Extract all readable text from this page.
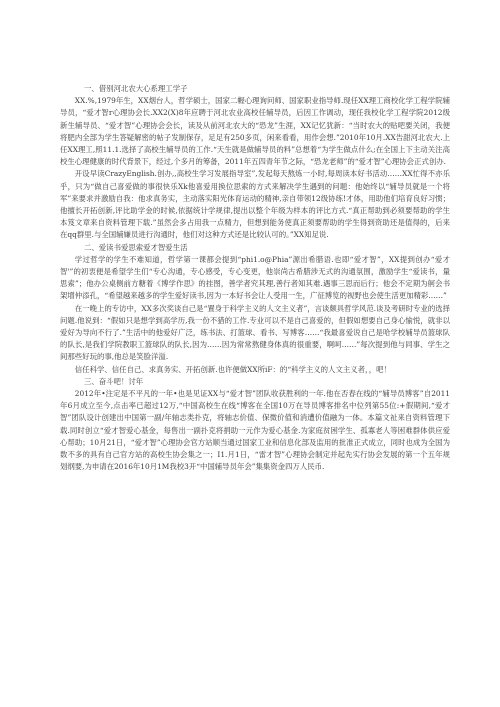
一、借别河北农大心系理工学子

XX.%,1979年生，XX烟台人，哲学硕士，国家二幄心理询问师、国家职业指导师.现任XX理工商校化学工程学院辅导员，“爱才智r心理协会长.XX2(X)8年应聘于河北农业高校任辅导员，后因工作调动，现任我校化学工程学院2012级新生辅导员、“爱才智”心理协会会长，读及从前河北农大的“恐龙”生涯，XX记忆犹新：“当时农大的贴吧要关闭，我便将肥内全部为学生答疑解密的帖子发制保存，足足有250多页，闲来看看，用作会想.”2010年10月.XX告甜河北农大.上任XX理工,照11.1.选择了高校生辅导员的工作.“天生就是做辅导员的料”总想着“为学生做点什么;在全国上下主动关注高校生心理健康的时代背景下，经过,个多月的筹备，2011年五四青年节之际，“恐龙老师”的“爱才智”心理协会正式创办.

开设早读CrazyEnglish.创办,,高校生学习发展指导室”,发起每天熬炼一小时,每周读本好书活动……XX忙得不亦乐乎，只为“做自己喜爱做的事很快乐Xk他喜爱用换位思索的方式来解决学生遇到的问题：他始终以“辅导员就是一个将军”来要求并激励自我：他求真务实，主动落实阳光体育运动的精神,亲自带领12级协练!才体，用助他们培育良好习惯；他擅长开拓创新,评比助学金的时候,依据统计学规律,提出以整个年级为样本的评比方式.“真正帮助到必须要帮助的学生本笈文章来自资料管理下载.”虽然会多占用我一点精力，但想到能务使真正须要帮助的学生得到资助还是值得的，后来在qq群里.与全国辅嫌员进行沟通时，他们对这种方式还是比较认可的。”XX知足说.

二、爱读书爱思索爱才智爱生活

学过哲学的学生不难知道，哲学第一课都会提到“phi1.o@Phia”源出希腊语.也即“爱才智”，XX提到创办“爱才智'”的初衷便是希望学生们“专心沟通，专心感受，专心变更，他崇尚古希腊涉无式的沟通氛围，激励学生“爱读书，量思索”；他办公桌侧前方糖着《博学作思》的挂图，善学者究其理,善行者知其难.遇事三思而后行；他会不定期为舸会书架增仲添孔，“希望越来越多的学生爱好读书,因为一本好书会让人受用一生，广征博览的视野也会使生活更加精彩……”

在一晚上的专访中，XX多次奖谈自己是“置身于科学主义的人文主义者”，言谈颇具哲学风范.谈及考研时专业的选择问题.他说到：“假如只是想学到高学历,我一份不猎的工作.专业可以不是自己喜爱的，但假如想要自己身心愉悦，就非以爱好为导向不行了.”生活中的他爱好广泛，练书法、打篮球、看书、写博客……“我最喜爱说自己是哈学校辅导员篮球队的队长,是我们学院教职工篮球队的队长,因为……因为常常熬健身体真的很重要，啊呵……”每次提到他与同事、学生之间那些好玩的事,他总是笑脸洋溢.

信任科学、信任自己、求真务实、开拓创新.也许便做XX所iF：的“科学主义的人文主义者，，吧！

三、奋斗吧！讨年

2012年•注定是不平凡的一年•也是见证XX与“爱才智”团队收获胜利的一年.他在否春在线的“辅导员博客”自2011年6月成立至今,点击率已超过12万,“中国高校生在线“博客在全国10万在导员博客排名中位列第55位:+假期间,“爱才智”团队设计创建出中国第一副/年轴志类扑克，将轴志价值、保微价值和消遭价值融为一体。本篇文祉来自资料管理下载.同时创立“爱才智爱心基金，每售出一副扑克将捐助一元作为爱心基金.为家庭贫困学生、孤寡老人等困难群体供应爱心帮助；10月21日，“爱才智”心理协会官方站顺当通过国家工业和信息化部及监用的批准正式成立，同时也成为全国为数不多的具有自己官方站的高校生协会集之一；I1.月1日，“雷才智”心理协会制定并起先实行协会发展的第一个五年规划纲要,为申请在2016年10月1M我校3开“中国辅导员年会”集集资金四万人民币.
